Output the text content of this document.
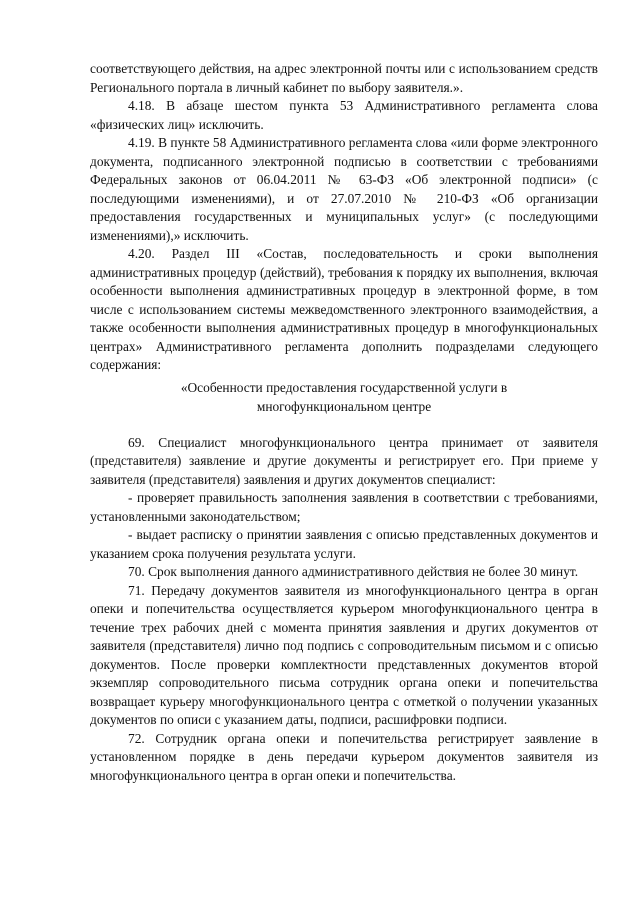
соответствующего действия, на адрес электронной почты или с использованием средств Регионального портала в личный кабинет по выбору заявителя.».

4.18. В абзаце шестом пункта 53 Административного регламента слова «физических лиц» исключить.

4.19. В пункте 58 Административного регламента слова «или форме электронного документа, подписанного электронной подписью в соответствии с требованиями Федеральных законов от 06.04.2011 № 63-ФЗ «Об электронной подписи» (с последующими изменениями), и от 27.07.2010 № 210-ФЗ «Об организации предоставления государственных и муниципальных услуг» (с последующими изменениями),» исключить.

4.20. Раздел III «Состав, последовательность и сроки выполнения административных процедур (действий), требования к порядку их выполнения, включая особенности выполнения административных процедур в электронной форме, в том числе с использованием системы межведомственного электронного взаимодействия, а также особенности выполнения административных процедур в многофункциональных центрах» Административного регламента дополнить подразделами следующего содержания:

«Особенности предоставления государственной услуги в
многофункциональном центре

69. Специалист многофункционального центра принимает от заявителя (представителя) заявление и другие документы и регистрирует его. При приеме у заявителя (представителя) заявления и других документов специалист:

- проверяет правильность заполнения заявления в соответствии с требованиями, установленными законодательством;

- выдает расписку о принятии заявления с описью представленных документов и указанием срока получения результата услуги.

70. Срок выполнения данного административного действия не более 30 минут.

71. Передачу документов заявителя из многофункционального центра в орган опеки и попечительства осуществляется курьером многофункционального центра в течение трех рабочих дней с момента принятия заявления и других документов от заявителя (представителя) лично под подпись с сопроводительным письмом и с описью документов. После проверки комплектности представленных документов второй экземпляр сопроводительного письма сотрудник органа опеки и попечительства возвращает курьеру многофункционального центра с отметкой о получении указанных документов по описи с указанием даты, подписи, расшифровки подписи.

72. Сотрудник органа опеки и попечительства регистрирует заявление в установленном порядке в день передачи курьером документов заявителя из многофункционального центра в орган опеки и попечительства.
